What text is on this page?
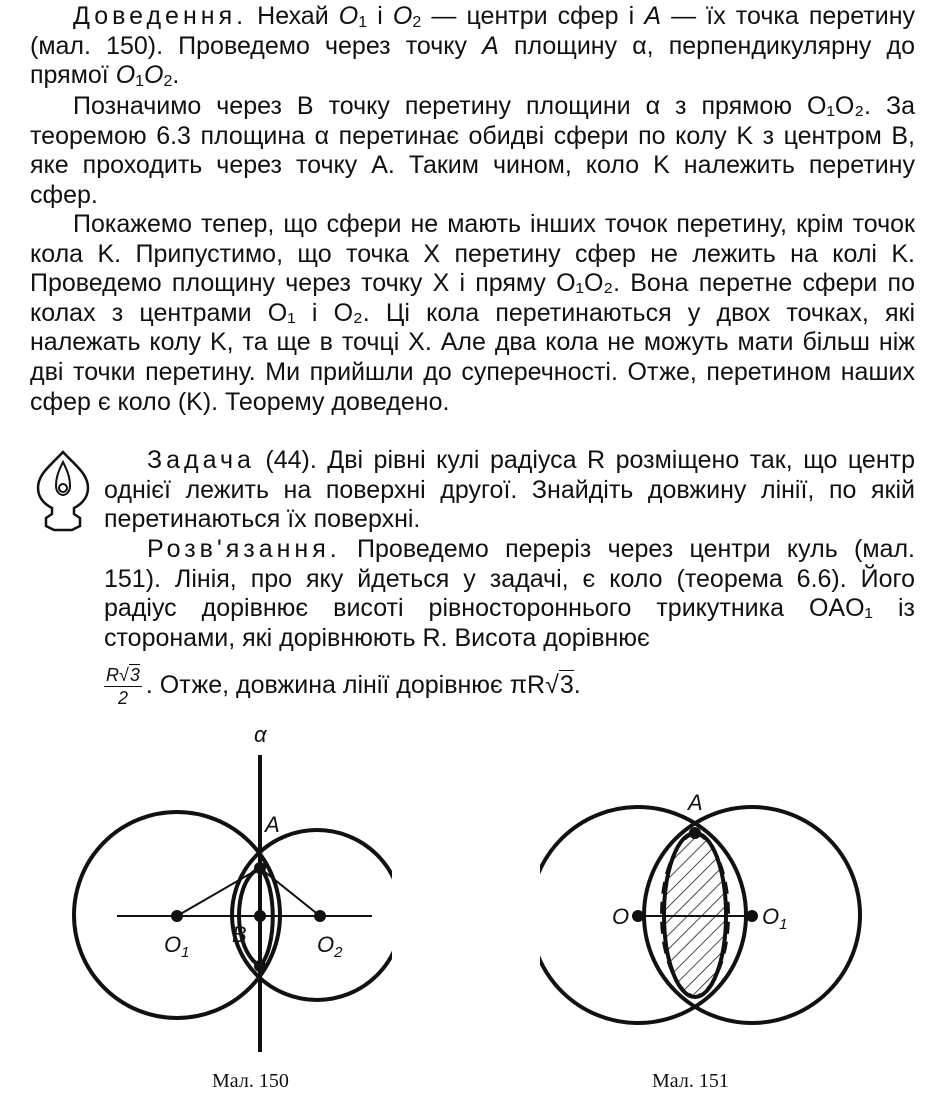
Доведення. Нехай $O_1$ і $O_2$ — центри сфер і A — їх точка перетину (мал. 150). Проведемо через точку A площину α, перпендикулярну до прямої $O_1O_2$.

Позначимо через B точку перетину площини α з прямою O₁O₂. За теоремою 6.3 площина α перетинає обидві сфери по колу K з центром B, яке проходить через точку A. Таким чином, коло K належить перетину сфер.

Покажемо тепер, що сфери не мають інших точок перетину, крім точок кола K. Припустимо, що точка X перетину сфер не лежить на колі K. Проведемо площину через точку X і пряму O₁O₂. Вона перетне сфери по колах з центрами O₁ і O₂. Ці кола перетинаються у двох точках, які належать колу K, та ще в точці X. Але два кола не можуть мати більш ніж дві точки перетину. Ми прийшли до суперечності. Отже, перетином наших сфер є коло (K). Теорему доведено.

Задача (44). Дві рівні кулі радіуса R розміщено так, що центр однієї лежить на поверхні другої. Знайдіть довжину лінії, по якій перетинаються їх поверхні.

Розв'язання. Проведемо переріз через центри куль (мал. 151). Лінія, про яку йдеться у задачі, є коло (теорема 6.6). Його радіус дорівнює висоті рівностороннього трикутника OAO₁ із сторонами, які дорівнюють R. Висота дорівнює

$\frac{R√3}{2}$ . Отже, довжина лінії дорівнює πR√3.
α
A
B
$O_1$	$O_2$
A
O	$O_1$
Мал. 150	Мал. 151
